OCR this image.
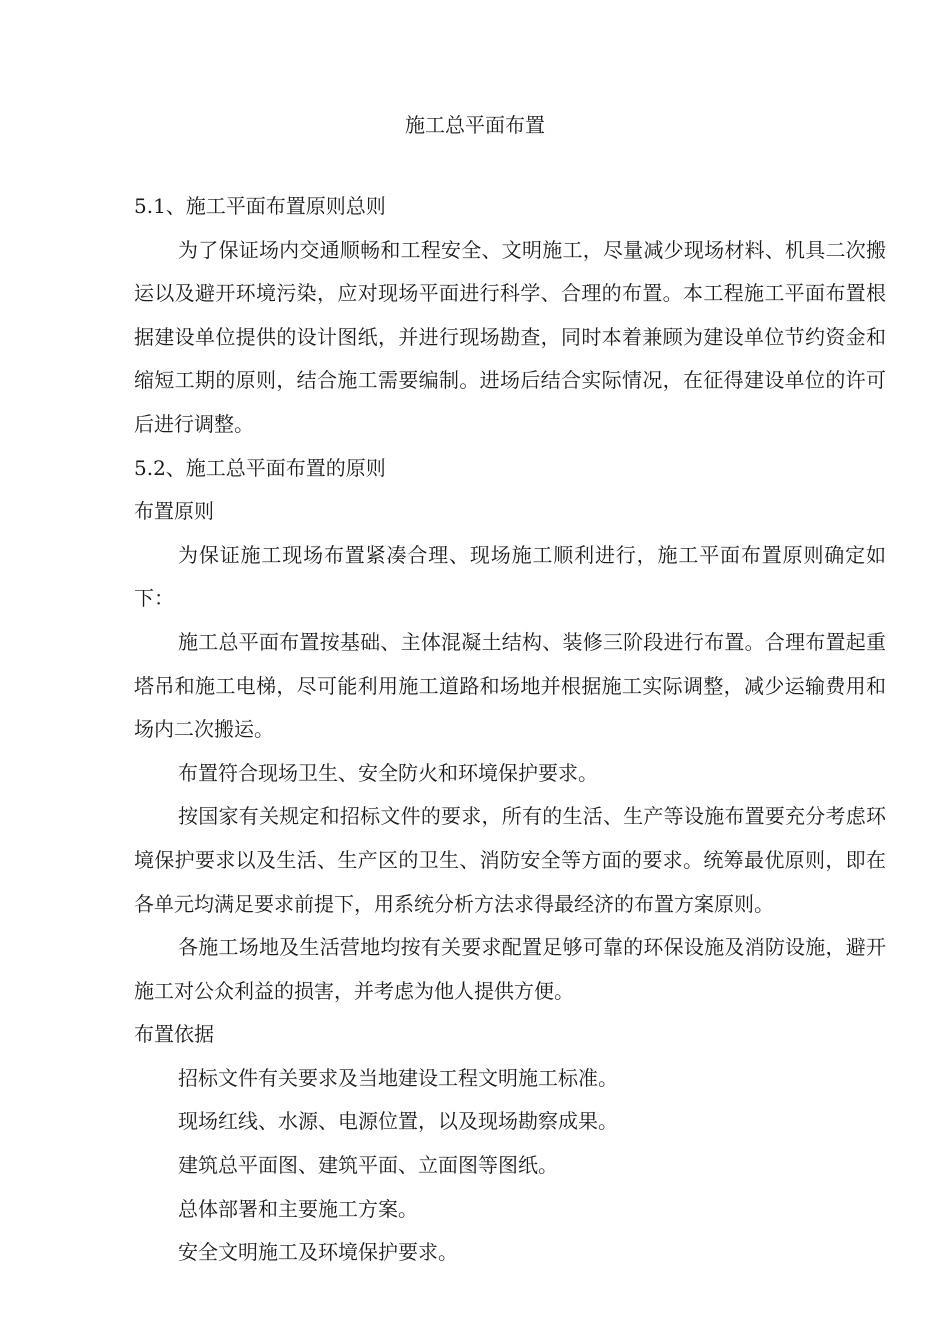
施工总平面布置

5.1、施工平面布置原则总则

为了保证场内交通顺畅和工程安全、文明施工，尽量减少现场材料、机具二次搬运以及避开环境污染，应对现场平面进行科学、合理的布置。本工程施工平面布置根据建设单位提供的设计图纸，并进行现场勘查，同时本着兼顾为建设单位节约资金和缩短工期的原则，结合施工需要编制。进场后结合实际情况，在征得建设单位的许可后进行调整。

5.2、施工总平面布置的原则

布置原则

为保证施工现场布置紧凑合理、现场施工顺利进行，施工平面布置原则确定如下：

施工总平面布置按基础、主体混凝土结构、装修三阶段进行布置。合理布置起重塔吊和施工电梯，尽可能利用施工道路和场地并根据施工实际调整，减少运输费用和场内二次搬运。

布置符合现场卫生、安全防火和环境保护要求。

按国家有关规定和招标文件的要求，所有的生活、生产等设施布置要充分考虑环境保护要求以及生活、生产区的卫生、消防安全等方面的要求。统筹最优原则，即在各单元均满足要求前提下，用系统分析方法求得最经济的布置方案原则。

各施工场地及生活营地均按有关要求配置足够可靠的环保设施及消防设施，避开施工对公众利益的损害，并考虑为他人提供方便。

布置依据

招标文件有关要求及当地建设工程文明施工标准。

现场红线、水源、电源位置，以及现场勘察成果。

建筑总平面图、建筑平面、立面图等图纸。

总体部署和主要施工方案。

安全文明施工及环境保护要求。
